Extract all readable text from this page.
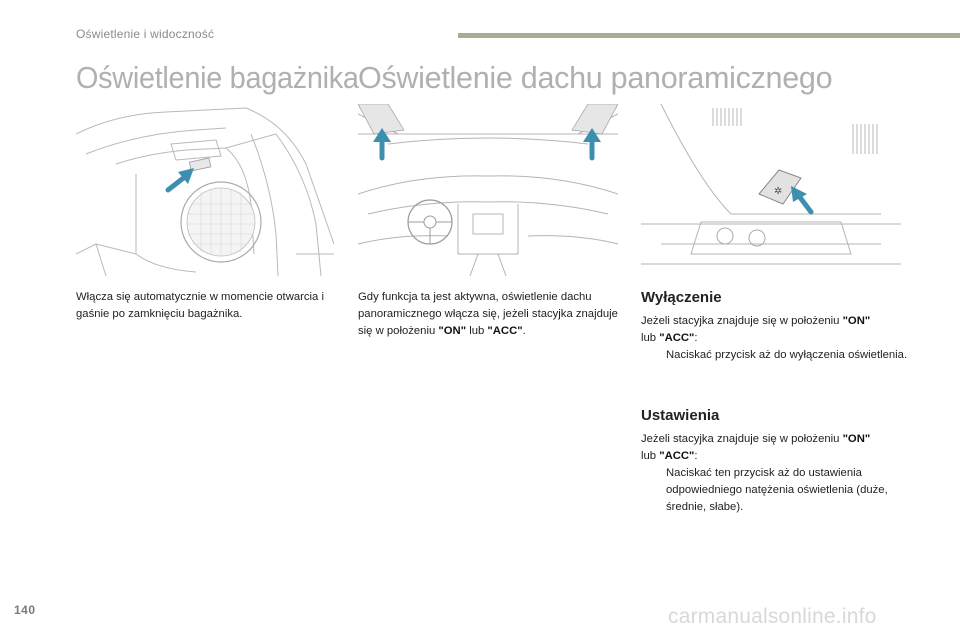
Oświetlenie i widoczność
Oświetlenie bagażnika Oświetlenie dachu panoramicznego
✲
Włącza się automatycznie w momencie otwarcia i gaśnie po zamknięciu bagażnika.
Gdy funkcja ta jest aktywna, oświetlenie dachu panoramicznego włącza się, jeżeli stacyjka znajduje się w położeniu "ON" lub "ACC".
Wyłączenie
Jeżeli stacyjka znajduje się w położeniu "ON"
lub "ACC":
Naciskać przycisk aż do wyłączenia oświetlenia.
Ustawienia
Jeżeli stacyjka znajduje się w położeniu "ON"
lub "ACC":
Naciskać ten przycisk aż do ustawienia odpowiedniego natężenia oświetlenia (duże, średnie, słabe).
140	carmanualsonline.info
